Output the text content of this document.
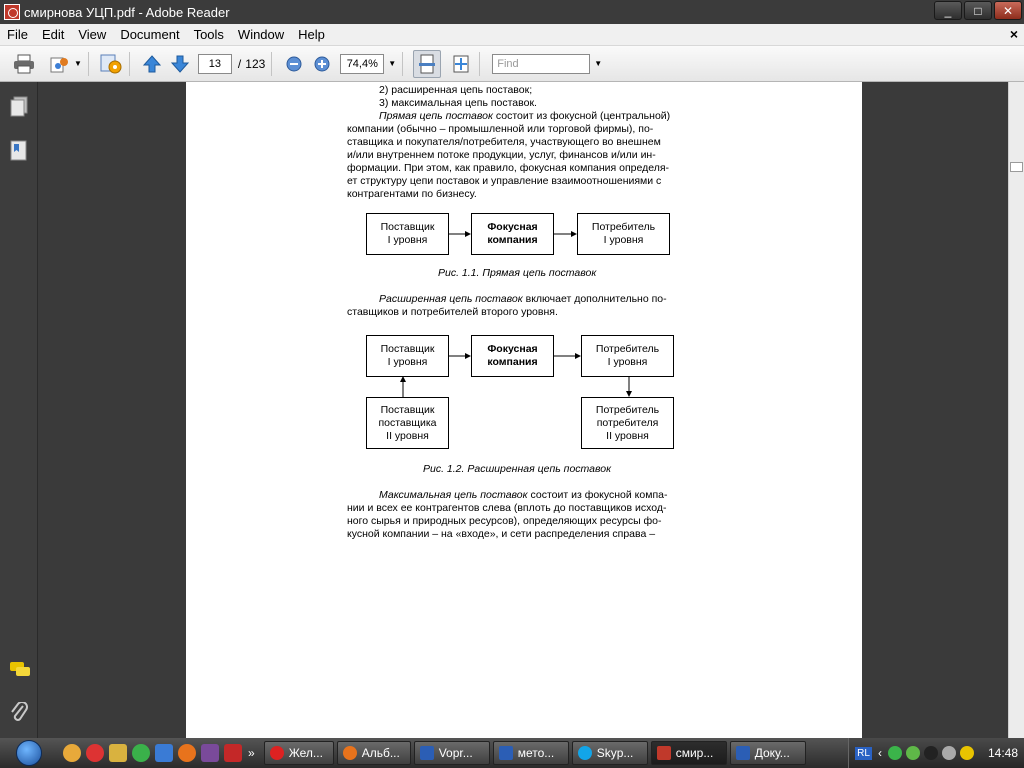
смирнова УЦП.pdf - Adobe Reader	_	□	✕
File	Edit	View	Document	Tools	Window	Help	×
▼	13	/ 123	74,4%	▼	Find	▼
2) расширенная цепь поставок;
3) максимальная цепь поставок.
Прямая цепь поставок состоит из фокусной (центральной)
компании (обычно – промышленной или торговой фирмы), по-
ставщика и покупателя/потребителя, участвующего во внешнем
и/или внутреннем потоке продукции, услуг, финансов и/или ин-
формации. При этом, как правило, фокусная компания определя-
ет структуру цепи поставок и управление взаимоотношениями с
контрагентами по бизнесу.
Поставщик
I уровня
Фокусная
компания
Потребитель
I уровня
Рис. 1.1. Прямая цепь поставок
Расширенная цепь поставок включает дополнительно по-
ставщиков и потребителей второго уровня.
Поставщик
I уровня
Фокусная
компания
Потребитель
I уровня
Поставщик
поставщика
II уровня
Потребитель
потребителя
II уровня
Рис. 1.2. Расширенная цепь поставок
Максимальная цепь поставок состоит из фокусной компа-
нии и всех ее контрагентов слева (вплоть до поставщиков исход-
ного сырья и природных ресурсов), определяющих ресурсы фо-
кусной компании – на «входе», и сети распределения справа –
»	Жел...	Альб...	Vopr...	мето...	Skyp...	смир...	Доку...	RL ‹	14:48
